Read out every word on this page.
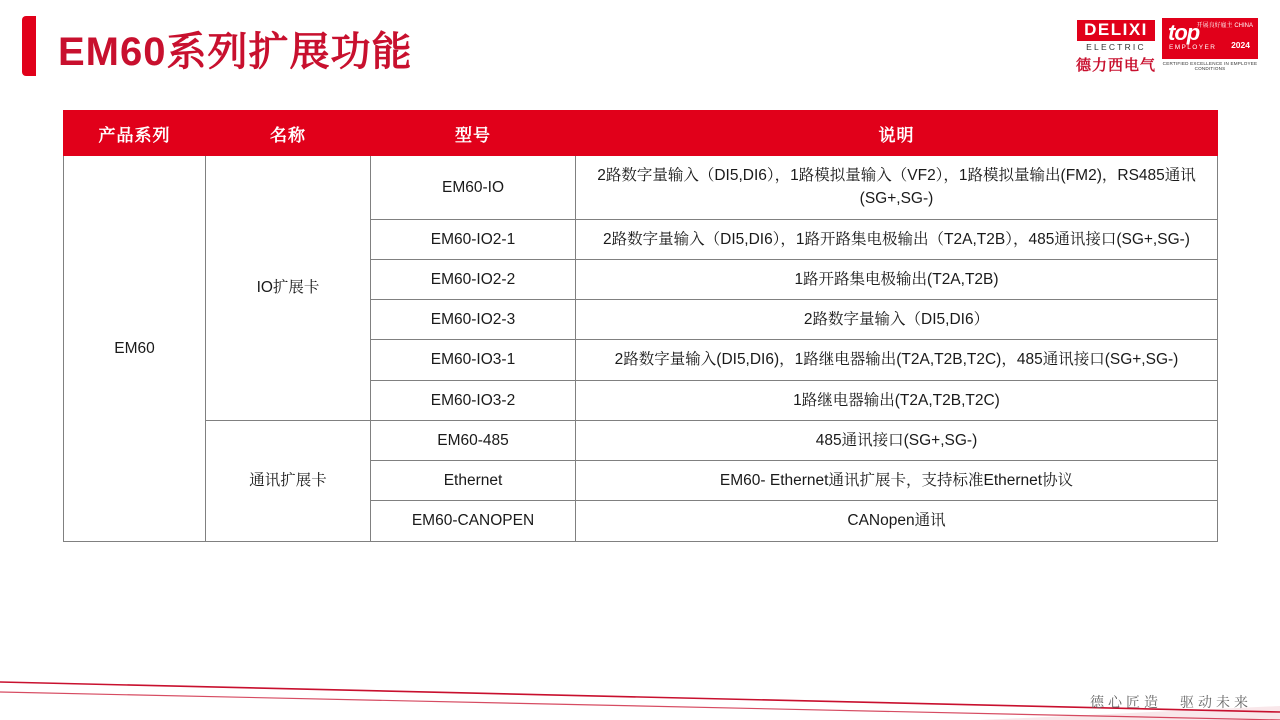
EM60系列扩展功能
DELIXI
ELECTRIC
德力西电气
top
EMPLOYER
开展良好雇主 CHINA
2024
CERTIFIED EXCELLENCE IN EMPLOYEE CONDITIONS
产品系列	名称	型号	说明
EM60	IO扩展卡	EM60-IO	2路数字量输入（DI5,DI6），1路模拟量输入（VF2），1路模拟量输出(FM2)，RS485通讯(SG+,SG-)
		EM60-IO2-1	2路数字量输入（DI5,DI6），1路开路集电极输出（T2A,T2B），485通讯接口(SG+,SG-)
		EM60-IO2-2	1路开路集电极输出(T2A,T2B)
		EM60-IO2-3	2路数字量输入（DI5,DI6）
		EM60-IO3-1	2路数字量输入(DI5,DI6)，1路继电器输出(T2A,T2B,T2C)，485通讯接口(SG+,SG-)
		EM60-IO3-2	1路继电器输出(T2A,T2B,T2C)
	通讯扩展卡	EM60-485	485通讯接口(SG+,SG-)
		Ethernet	EM60- Ethernet通讯扩展卡，支持标准Ethernet协议
		EM60-CANOPEN	CANopen通讯
德心匠造　驱动未来
